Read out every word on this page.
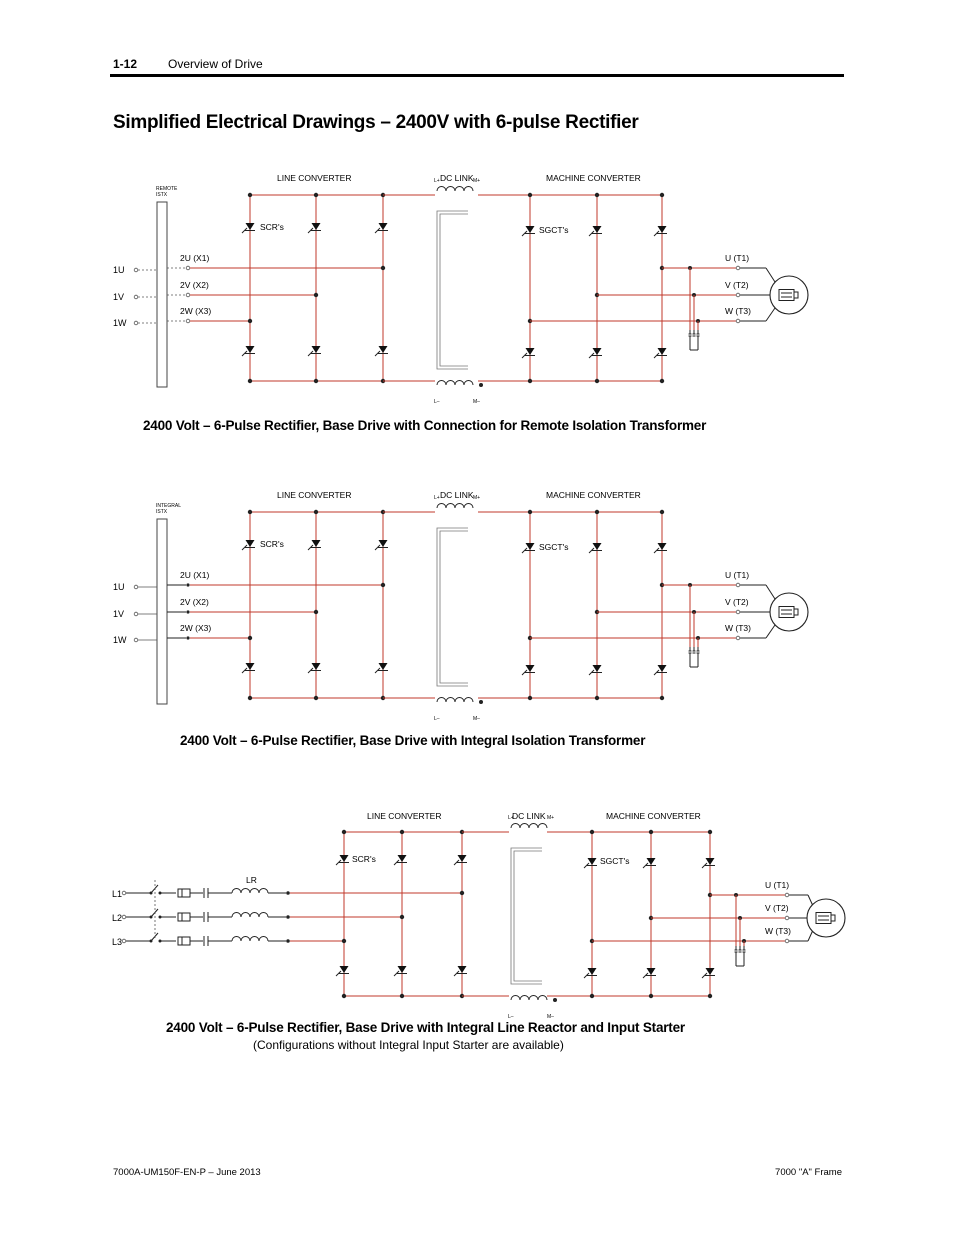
1-12	Overview of Drive
Simplified Electrical Drawings – 2400V with 6-pulse Rectifier
REMOTE
ISTX
1U
1V
1W
2U (X1)
2V (X2)
2W (X3)
LINE CONVERTER
SCR's
L+	M+
L–	M–
DC LINK	MACHINE CONVERTER
SGCT's
U (T1)
V (T2)
W (T3)
2400 Volt – 6-Pulse Rectifier, Base Drive with Connection for Remote Isolation Transformer
INTEGRAL
ISTX
1U
1V
1W
2U (X1)
2V (X2)
2W (X3)
LINE CONVERTER
SCR's
L+	M+
L–	M–
DC LINK	MACHINE CONVERTER
SGCT's
U (T1)
V (T2)
W (T3)
2400 Volt – 6-Pulse Rectifier, Base Drive with Integral Isolation Transformer
L1
L2
L3
LR
LINE CONVERTER
SCR's
L+	M+
L–	M–
DC LINK	MACHINE CONVERTER
SGCT's
U (T1)
V (T2)
W (T3)
2400 Volt – 6-Pulse Rectifier, Base Drive with Integral Line Reactor and Input Starter
(Configurations without Integral Input Starter are available)
7000A-UM150F-EN-P – June 2013	7000 "A" Frame
